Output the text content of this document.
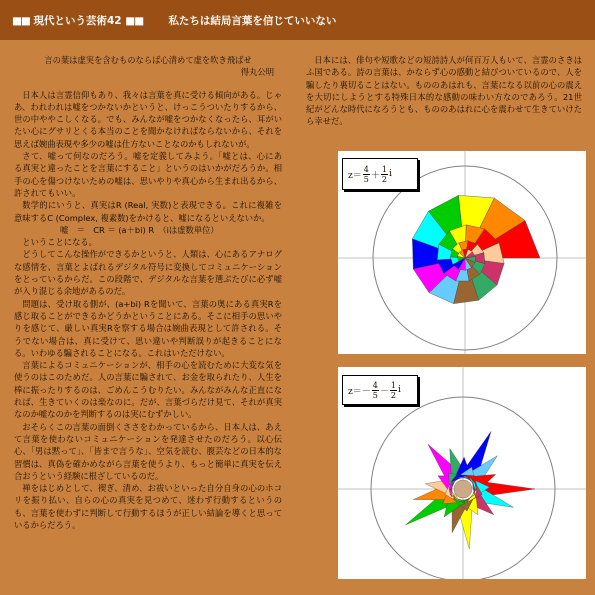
■■ 現代という芸術42 ■■ 私たちは結局言葉を信じていいない

言の葉は虚実を含むものならば心清めて虚を吹き飛ばせ

得丸公明

日本人は言霊信仰もあり、我々は言葉を真に受ける傾向がある。じゃあ、われわれは嘘をつかないかというと、けっこうついたりするから、世の中ややこしくなる。でも、みんなが嘘をつかなくなったら、耳がいたい心にグサリとくる本当のことを聞かなければならないから、それを思えば婉曲表現や多少の嘘は仕方ないことなのかもしれないが。

さて、嘘って何なのだろう。嘘を定義してみよう。「嘘とは、心にある真実と違ったことを言葉にすること」というのはいかがだろうか。相手の心を傷つけないための嘘は、思いやりや真心から生まれ出るから、許されてもいい。

数学的にいうと、真実はR (Real, 実数)と表現できる。これに複雑を意味するC (Complex, 複素数)をかけると、嘘になるといえないか。

嘘　＝　CR ＝ (a＋bi) R　（iは虚数単位）

ということになる。

どうしてこんな操作ができるかというと、人類は、心にあるアナログな感情を、言葉とよばれるデジタル符号に変換してコミュニケーションをとっているからだ。この段階で、デジタルな言葉を選ぶたびに必ず嘘が入り混じる余地があるのだ。

問題は、受け取る側が、(a+bi) Rを聞いて、言葉の奥にある真実Rを感じ取ることができるかどうかということにある。そこに相手の思いやりを感じて、厳しい真実Rを察する場合は婉曲表現として許される。そうでない場合は、真に受けて、思い違いや判断誤りが起きることになる。いわゆる騙されることになる。これはいただけない。

言葉によるコミュニケーションが、相手の心を読むために大変な気を使うのはこのためだ。人の言葉に騙されて、お金を取られたり、人生を棒に振ったりするのは、ごめんこうむりたい。みんながみんな正直になれば、生きていくのは楽なのに。だが、言葉づらだけ見て、それが真実なのか嘘なのかを判断するのは実にむずかしい。

おそらくこの言葉の面倒くささをわかっているから、日本人は、あえて言葉を使わないコミュニケーションを発達させたのだろう。以心伝心、「男は黙って」、「皆まで言うな」、空気を読む、腹芸などの日本的な習慣は、真偽を確かめながら言葉を使うより、もっと簡単に真実を伝え合おうという経験に根ざしているのだ。

禅をはじめとして、禊ぎ、清め、お祓いといった自分自身の心のホコリを振り払い、自らの心の真実を見つめて、迷わず行動するというのも、言葉を使わずに判断して行動するほうが正しい結論を導くと思っているからだろう。

日本には、俳句や短歌などの短詩詩人が何百万人もいて、言霊のさきはふ国である。詩の言葉は、かならず心の感動と結びついているので、人を騙したり裏切ることはない。もののあはれも、言葉になる以前の心の震えを大切にしようとする特殊日本的な感動の味わい方なのであろう。21世紀がどんな時代になろうとも、もののあはれに心を震わせて生きていけたら幸せだ。

$z= \frac{4}{5} + \frac{1}{2}$ i
$z=- \frac{4}{5} - \frac{1}{2}$ i
